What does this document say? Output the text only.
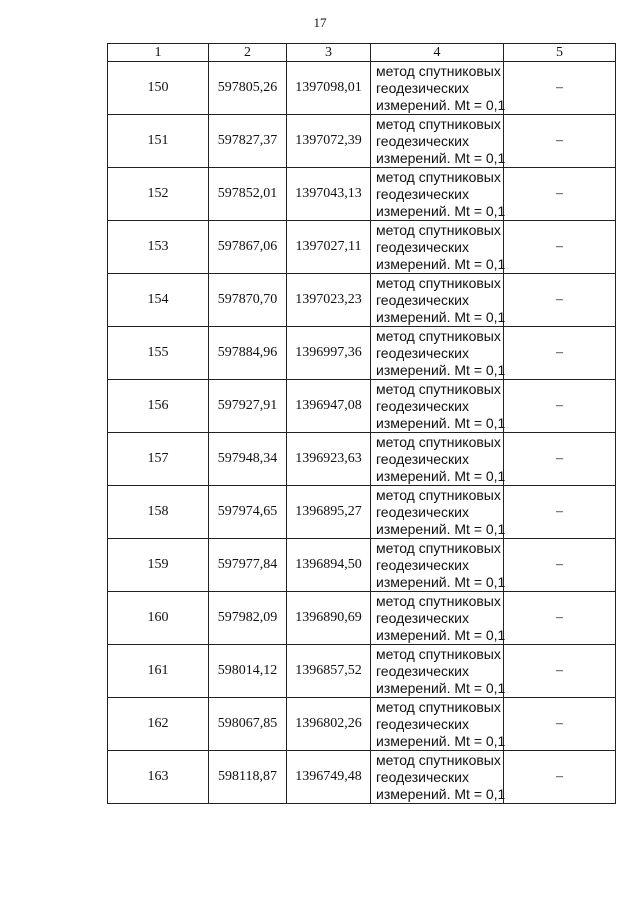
17
1	2	3	4	5
150	597805,26	1397098,01	метод спутниковых
геодезических
измерений. Mt = 0,1	–
151	597827,37	1397072,39	метод спутниковых
геодезических
измерений. Mt = 0,1	–
152	597852,01	1397043,13	метод спутниковых
геодезических
измерений. Mt = 0,1	–
153	597867,06	1397027,11	метод спутниковых
геодезических
измерений. Mt = 0,1	–
154	597870,70	1397023,23	метод спутниковых
геодезических
измерений. Mt = 0,1	–
155	597884,96	1396997,36	метод спутниковых
геодезических
измерений. Mt = 0,1	–
156	597927,91	1396947,08	метод спутниковых
геодезических
измерений. Mt = 0,1	–
157	597948,34	1396923,63	метод спутниковых
геодезических
измерений. Mt = 0,1	–
158	597974,65	1396895,27	метод спутниковых
геодезических
измерений. Mt = 0,1	–
159	597977,84	1396894,50	метод спутниковых
геодезических
измерений. Mt = 0,1	–
160	597982,09	1396890,69	метод спутниковых
геодезических
измерений. Mt = 0,1	–
161	598014,12	1396857,52	метод спутниковых
геодезических
измерений. Mt = 0,1	–
162	598067,85	1396802,26	метод спутниковых
геодезических
измерений. Mt = 0,1	–
163	598118,87	1396749,48	метод спутниковых
геодезических
измерений. Mt = 0,1	–
